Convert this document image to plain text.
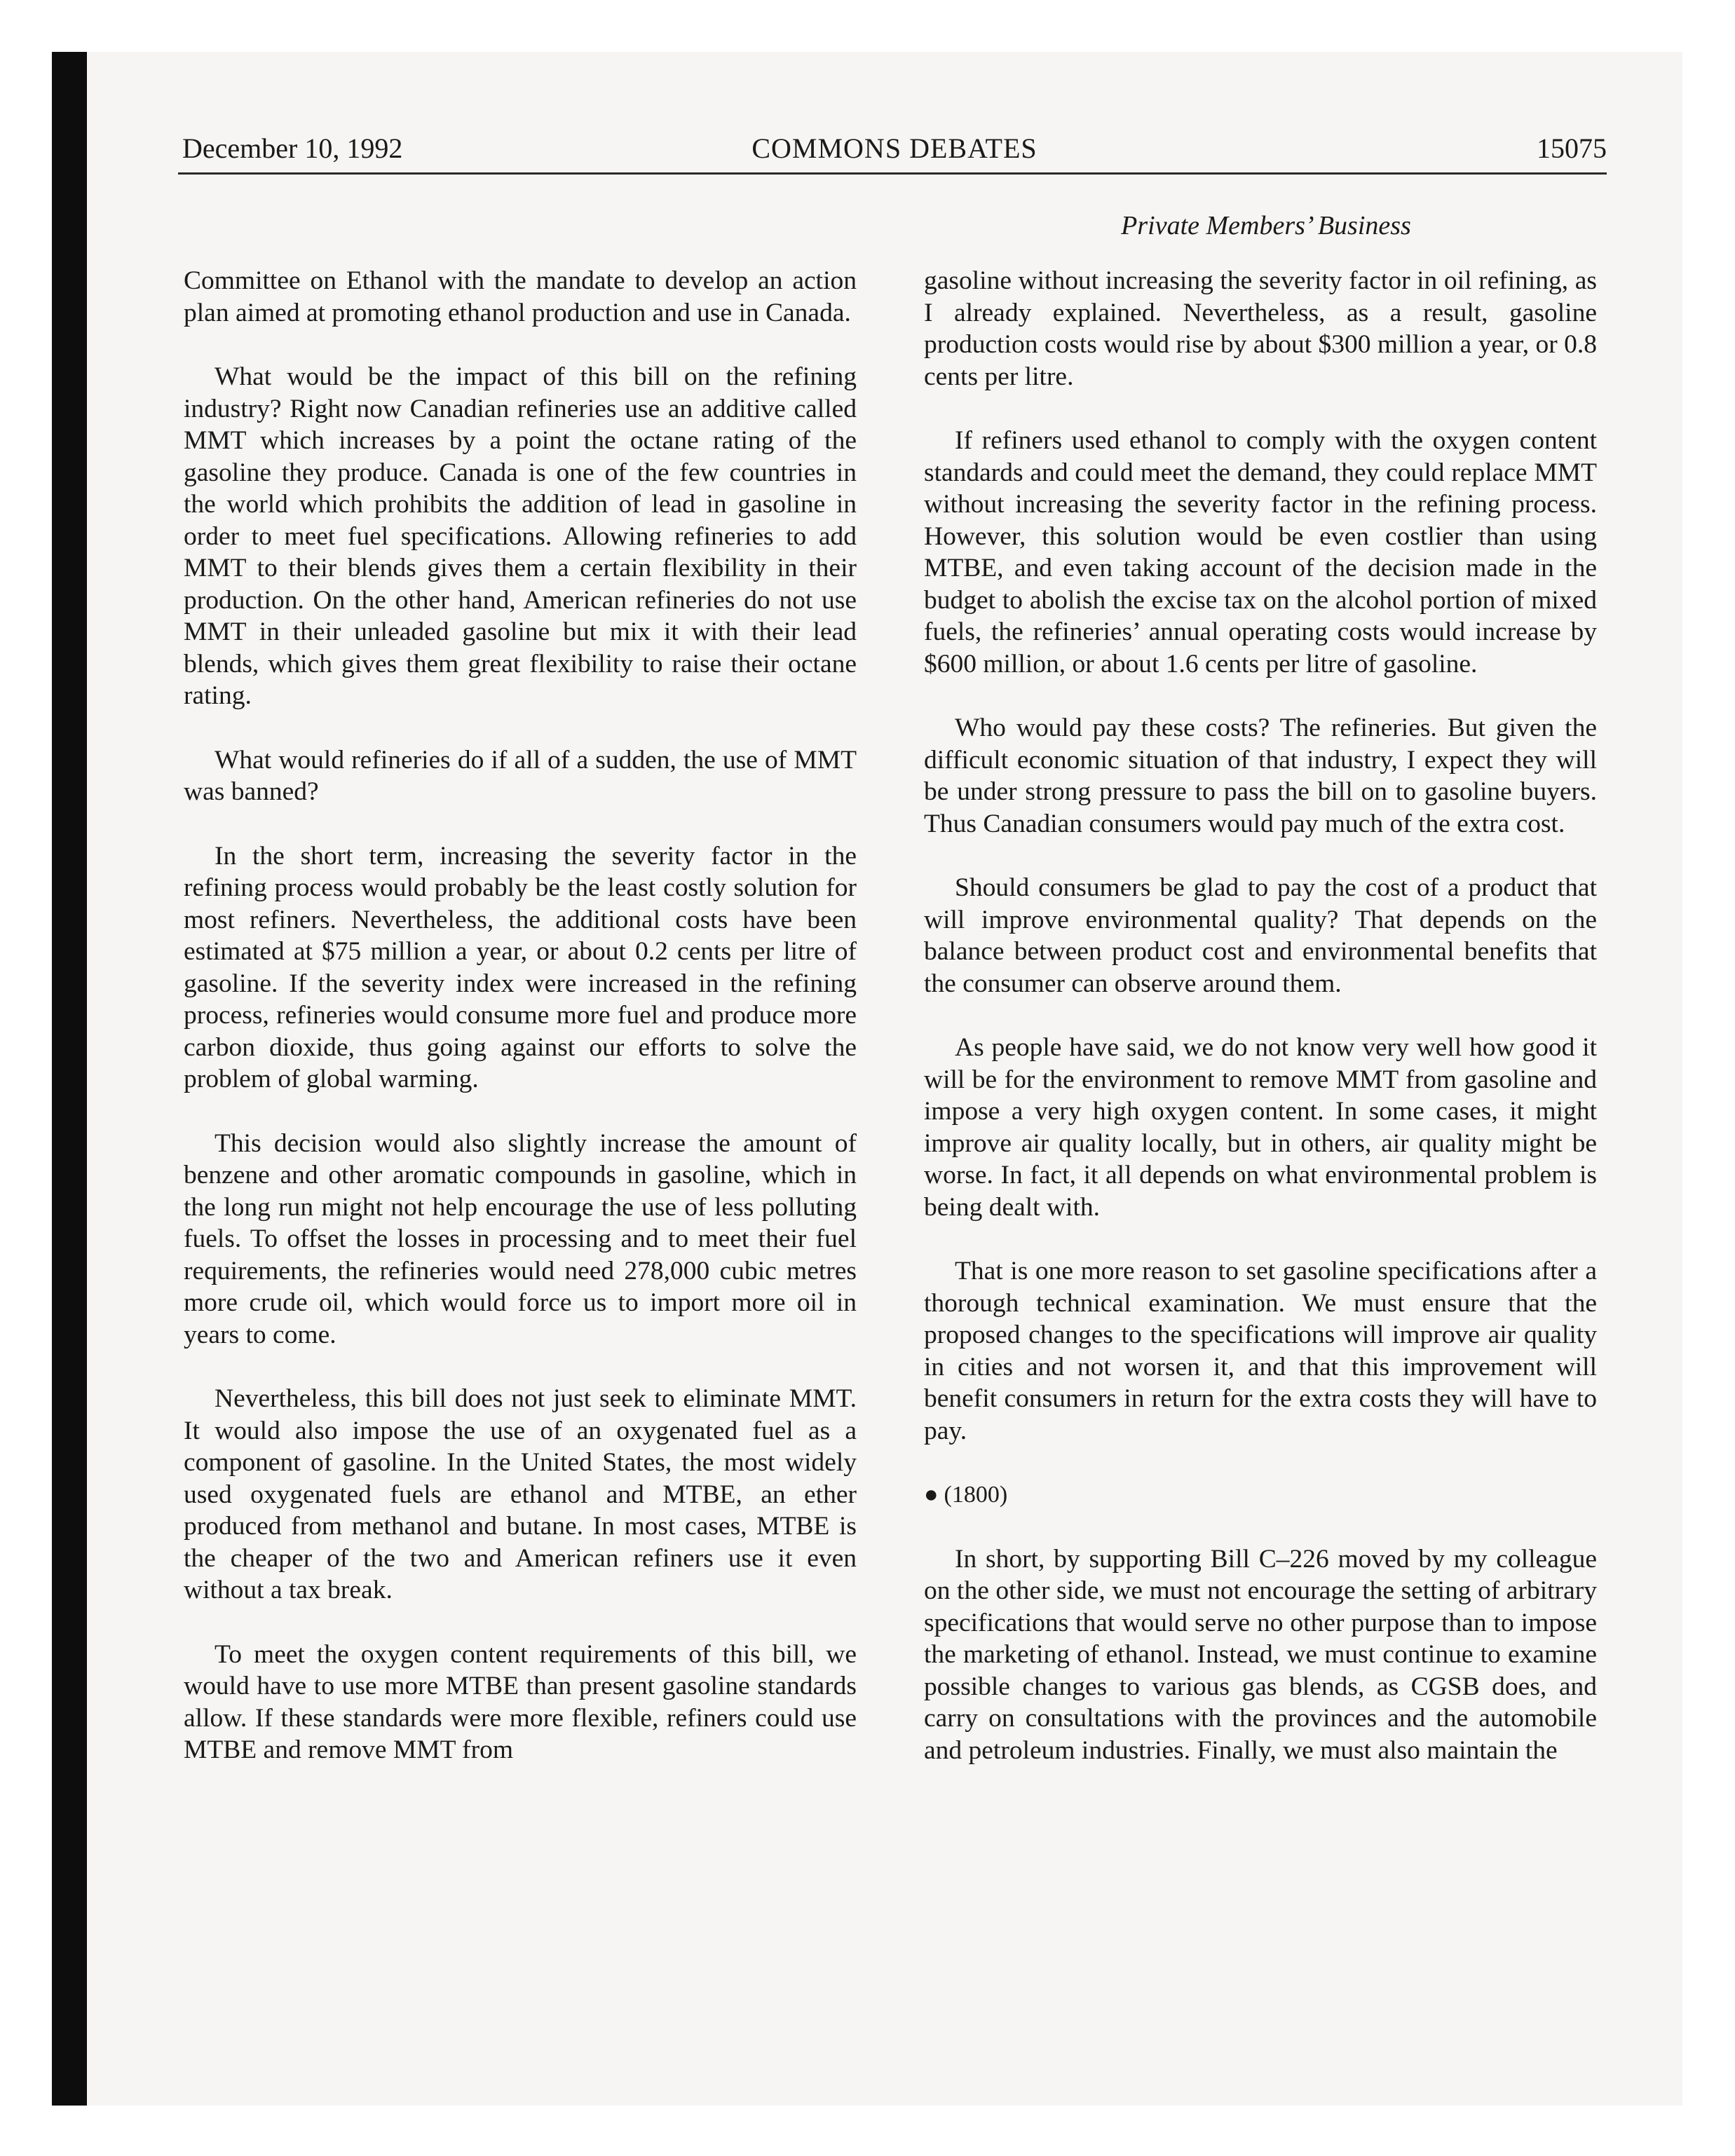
December 10, 1992	COMMONS DEBATES	15075
Private Members’ Business

Committee on Ethanol with the mandate to develop an action plan aimed at promoting ethanol production and use in Canada.

What would be the impact of this bill on the refining industry? Right now Canadian refineries use an additive called MMT which increases by a point the octane rating of the gasoline they produce. Canada is one of the few countries in the world which prohibits the addition of lead in gasoline in order to meet fuel specifications. Allowing refineries to add MMT to their blends gives them a certain flexibility in their production. On the other hand, American refineries do not use MMT in their unleaded gasoline but mix it with their lead blends, which gives them great flexibility to raise their octane rating.

What would refineries do if all of a sudden, the use of MMT was banned?

In the short term, increasing the severity factor in the refining process would probably be the least costly solution for most refiners. Nevertheless, the additional costs have been estimated at $75 million a year, or about 0.2 cents per litre of gasoline. If the severity index were increased in the refining process, refineries would consume more fuel and produce more carbon dioxide, thus going against our efforts to solve the problem of global warming.

This decision would also slightly increase the amount of benzene and other aromatic compounds in gasoline, which in the long run might not help encourage the use of less polluting fuels. To offset the losses in processing and to meet their fuel requirements, the refineries would need 278,000 cubic metres more crude oil, which would force us to import more oil in years to come.

Nevertheless, this bill does not just seek to eliminate MMT. It would also impose the use of an oxygenated fuel as a component of gasoline. In the United States, the most widely used oxygenated fuels are ethanol and MTBE, an ether produced from methanol and butane. In most cases, MTBE is the cheaper of the two and American refiners use it even without a tax break.

To meet the oxygen content requirements of this bill, we would have to use more MTBE than present gasoline standards allow. If these standards were more flexible, refiners could use MTBE and remove MMT from

gasoline without increasing the severity factor in oil refining, as I already explained. Nevertheless, as a result, gasoline production costs would rise by about $300 million a year, or 0.8 cents per litre.

If refiners used ethanol to comply with the oxygen content standards and could meet the demand, they could replace MMT without increasing the severity factor in the refining process. However, this solution would be even costlier than using MTBE, and even taking account of the decision made in the budget to abolish the excise tax on the alcohol portion of mixed fuels, the refineries’ annual operating costs would increase by $600 million, or about 1.6 cents per litre of gasoline.

Who would pay these costs? The refineries. But given the difficult economic situation of that industry, I expect they will be under strong pressure to pass the bill on to gasoline buyers. Thus Canadian consumers would pay much of the extra cost.

Should consumers be glad to pay the cost of a product that will improve environmental quality? That depends on the balance between product cost and environmental benefits that the consumer can observe around them.

As people have said, we do not know very well how good it will be for the environment to remove MMT from gasoline and impose a very high oxygen content. In some cases, it might improve air quality locally, but in others, air quality might be worse. In fact, it all depends on what environmental problem is being dealt with.

That is one more reason to set gasoline specifications after a thorough technical examination. We must ensure that the proposed changes to the specifications will improve air quality in cities and not worsen it, and that this improvement will benefit consumers in return for the extra costs they will have to pay.

● (1800)

In short, by supporting Bill C–226 moved by my colleague on the other side, we must not encourage the setting of arbitrary specifications that would serve no other purpose than to impose the marketing of ethanol. Instead, we must continue to examine possible changes to various gas blends, as CGSB does, and carry on consultations with the provinces and the automobile and petroleum industries. Finally, we must also maintain the
